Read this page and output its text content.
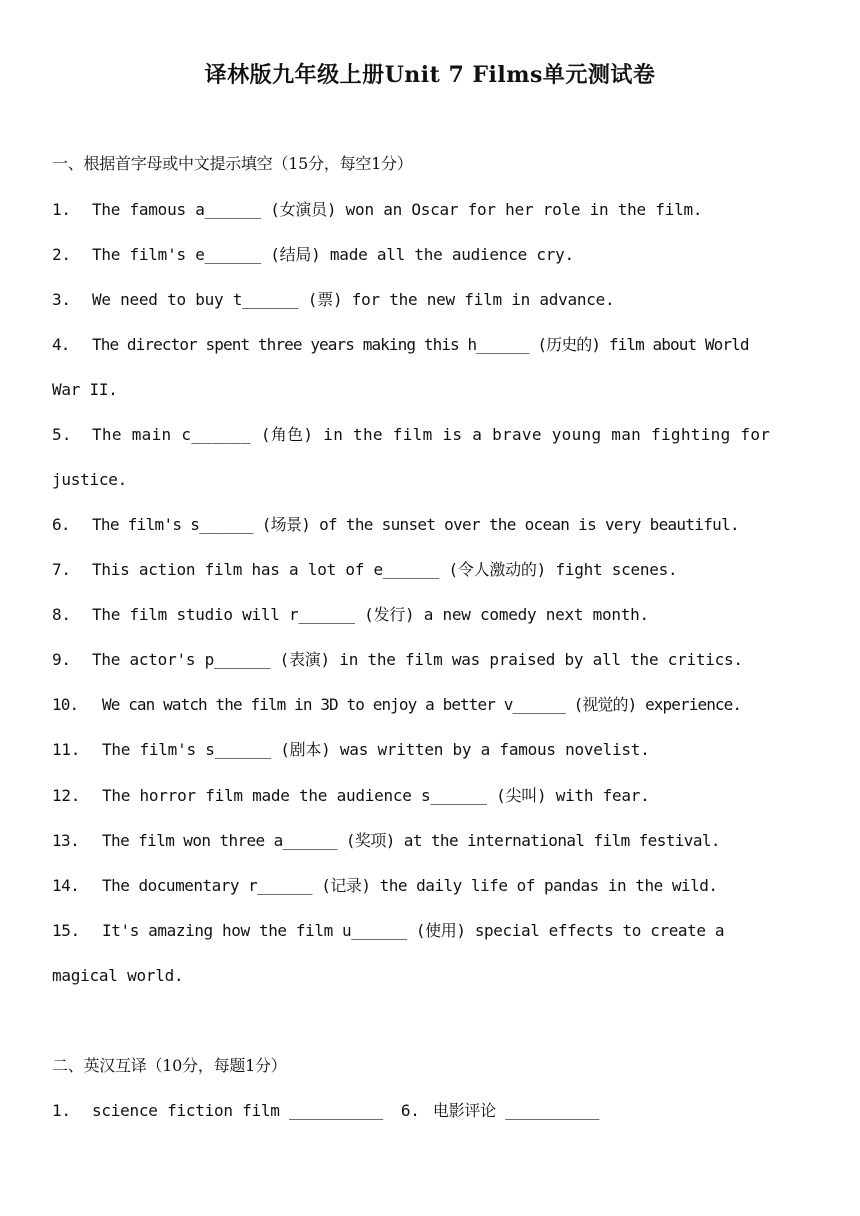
译林版九年级上册Unit 7 Films单元测试卷
一、根据首字母或中文提示填空（15分，每空1分）
1. The famous a______ (女演员) won an Oscar for her role in the film.
2. The film's e______ (结局) made all the audience cry.
3. We need to buy t______ (票) for the new film in advance.
4. The director spent three years making this h______ (历史的) film about World
War II.
5. The main c______ (角色) in the film is a brave young man fighting for
justice.
6. The film's s______ (场景) of the sunset over the ocean is very beautiful.
7. This action film has a lot of e______ (令人激动的) fight scenes.
8. The film studio will r______ (发行) a new comedy next month.
9. The actor's p______ (表演) in the film was praised by all the critics.
10. We can watch the film in 3D to enjoy a better v______ (视觉的) experience.
11. The film's s______ (剧本) was written by a famous novelist.
12. The horror film made the audience s______ (尖叫) with fear.
13. The film won three a______ (奖项) at the international film festival.
14. The documentary r______ (记录) the daily life of pandas in the wild.
15. It's amazing how the film u______ (使用) special effects to create a
magical world.
二、英汉互译（10分，每题1分）
1. science fiction film __________ 6. 电影评论 __________
